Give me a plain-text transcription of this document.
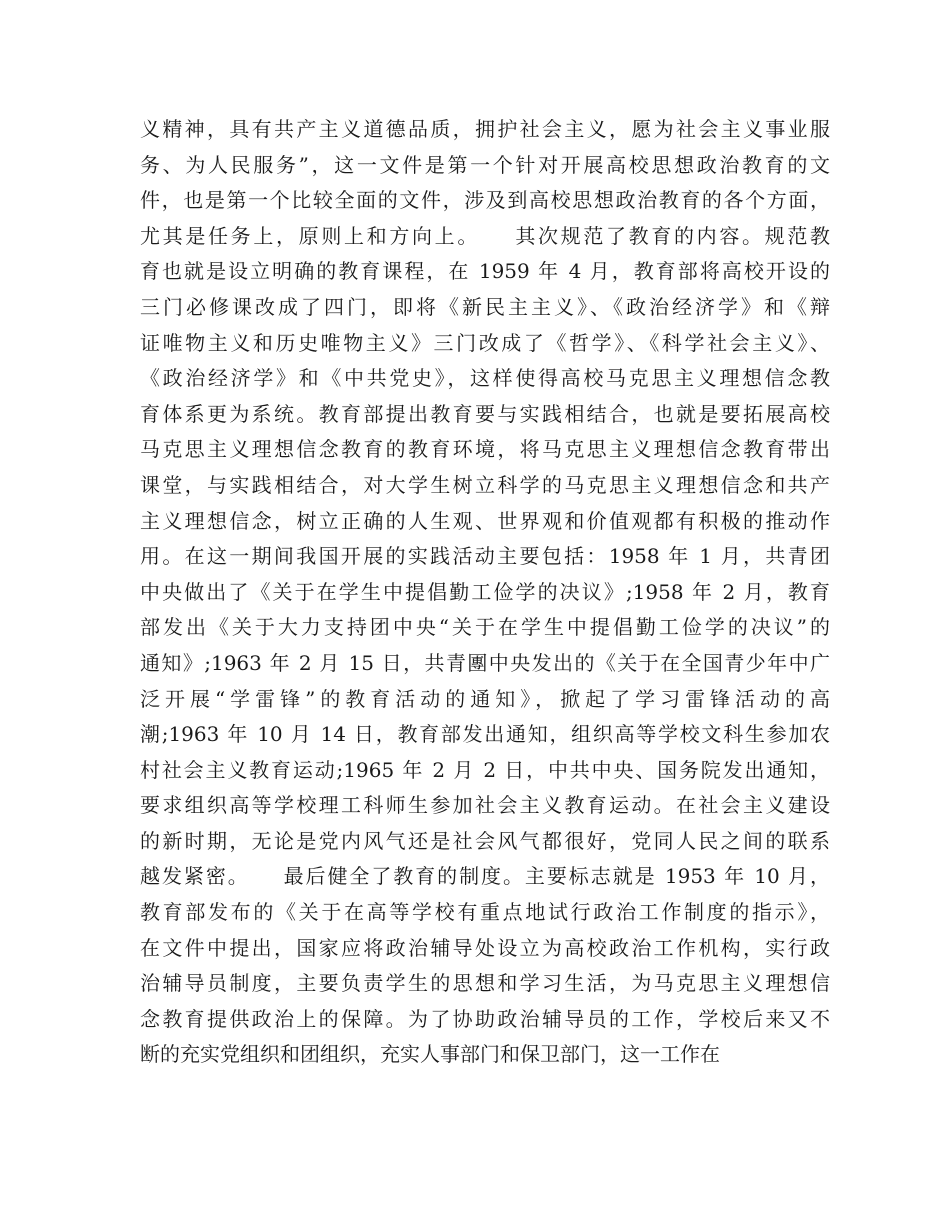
义精神，具有共产主义道德品质，拥护社会主义，愿为社会主义事业服
务、为人民服务”，这一文件是第一个针对开展高校思想政治教育的文
件，也是第一个比较全面的文件，涉及到高校思想政治教育的各个方面，
尤其是任务上，原则上和方向上。　　其次规范了教育的内容。规范教
育也就是设立明确的教育课程，在 1959 年 4 月，教育部将高校开设的
三门必修课改成了四门，即将《新民主主义》、《政治经济学》和《辩
证唯物主义和历史唯物主义》三门改成了《哲学》、《科学社会主义》、
《政治经济学》和《中共党史》，这样使得高校马克思主义理想信念教
育体系更为系统。教育部提出教育要与实践相结合，也就是要拓展高校
马克思主义理想信念教育的教育环境，将马克思主义理想信念教育带出
课堂，与实践相结合，对大学生树立科学的马克思主义理想信念和共产
主义理想信念，树立正确的人生观、世界观和价值观都有积极的推动作
用。在这一期间我国开展的实践活动主要包括：1958 年 1 月，共青团
中央做出了《关于在学生中提倡勤工俭学的决议》;1958 年 2 月，教育
部发出《关于大力支持团中央“关于在学生中提倡勤工俭学的决议”的
通知》;1963 年 2 月 15 日，共青團中央发出的《关于在全国青少年中广
泛开展“学雷锋”的教育活动的通知》，掀起了学习雷锋活动的高
潮;1963 年 10 月 14 日，教育部发出通知，组织高等学校文科生参加农
村社会主义教育运动;1965 年 2 月 2 日，中共中央、国务院发出通知，
要求组织高等学校理工科师生参加社会主义教育运动。在社会主义建设
的新时期，无论是党内风气还是社会风气都很好，党同人民之间的联系
越发紧密。　　最后健全了教育的制度。主要标志就是 1953 年 10 月，
教育部发布的《关于在高等学校有重点地试行政治工作制度的指示》，
在文件中提出，国家应将政治辅导处设立为高校政治工作机构，实行政
治辅导员制度，主要负责学生的思想和学习生活，为马克思主义理想信
念教育提供政治上的保障。为了协助政治辅导员的工作，学校后来又不
断的充实党组织和团组织，充实人事部门和保卫部门，这一工作在
